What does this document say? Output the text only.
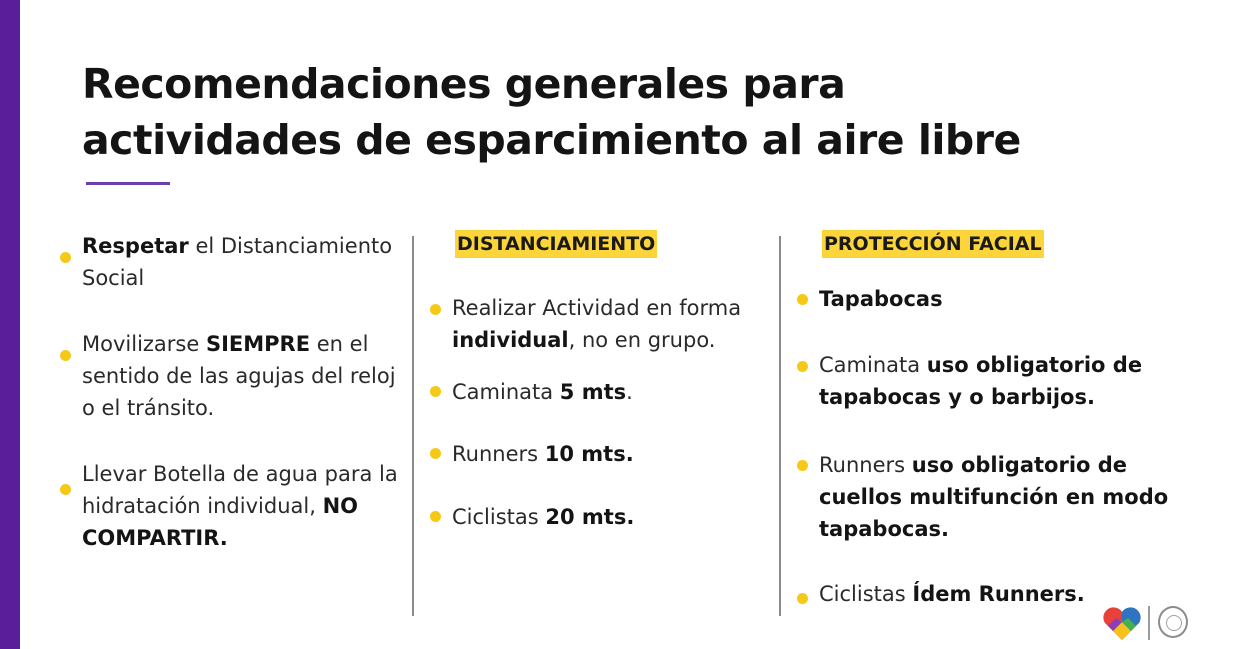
Recomendaciones generales para
actividades de esparcimiento al aire libre
Respetar el Distanciamiento Social
Movilizarse SIEMPRE en el sentido de las agujas del reloj o el tránsito.
Llevar Botella de agua para la hidratación individual, NO COMPARTIR.
DISTANCIAMIENTO
Realizar Actividad en forma individual, no en grupo.
Caminata 5 mts.
Runners 10 mts.
Ciclistas 20 mts.
PROTECCIÓN FACIAL
Tapabocas
Caminata uso obligatorio de tapabocas y o barbijos.
Runners uso obligatorio de cuellos multifunción en modo tapabocas.
Ciclistas Ídem Runners.
